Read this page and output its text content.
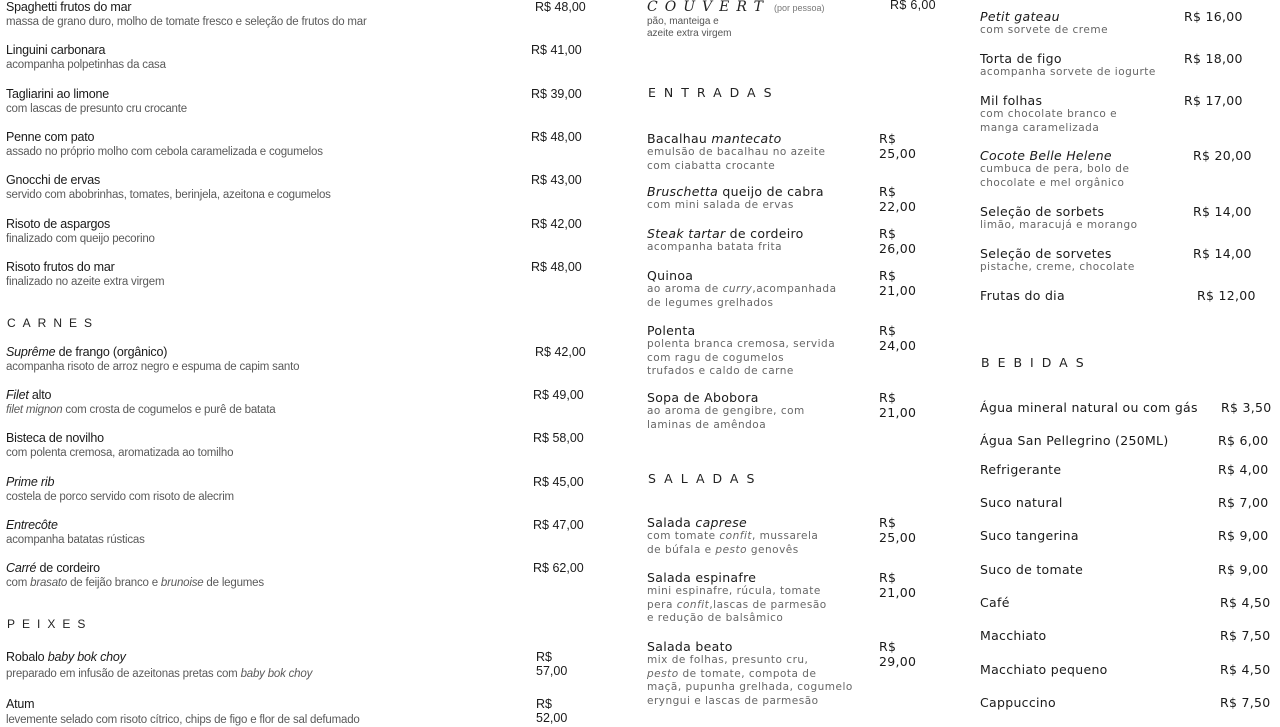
Spaghetti frutos do mar
massa de grano duro, molho de tomate fresco e seleção de frutos do mar
R$ 48,00
Linguini carbonara
acompanha polpetinhas da casa
R$ 41,00
Tagliarini ao limone
com lascas de presunto cru crocante
R$ 39,00
Penne com pato
assado no próprio molho com cebola caramelizada e cogumelos
R$ 48,00
Gnocchi de ervas
servido com abobrinhas, tomates, berinjela, azeitona e cogumelos
R$ 43,00
Risoto de aspargos
finalizado com queijo pecorino
R$ 42,00
Risoto frutos do mar
finalizado no azeite extra virgem
R$ 48,00
CARNES
Suprême de frango (orgânico)
acompanha risoto de arroz negro e espuma de capim santo
R$ 42,00
Filet alto
filet mignon com crosta de cogumelos e purê de batata
R$ 49,00
Bisteca de novilho
com polenta cremosa, aromatizada ao tomilho
R$ 58,00
Prime rib
costela de porco servido com risoto de alecrim
R$ 45,00
Entrecôte
acompanha batatas rústicas
R$ 47,00
Carré de cordeiro
com brasato de feijão branco e brunoise de legumes
R$ 62,00
PEIXES
Robalo baby bok choy
preparado em infusão de azeitonas pretas com baby bok choy
R$ 57,00
Atum
levemente selado com risoto cítrico, chips de figo e flor de sal defumado
R$ 52,00
COUVERT (por pessoa)
pão, manteiga e
azeite extra virgem
R$ 6,00
ENTRADAS
Bacalhau mantecato
emulsão de bacalhau no azeite
com ciabatta crocante
R$ 25,00
Bruschetta queijo de cabra
com mini salada de ervas
R$ 22,00
Steak tartar de cordeiro
acompanha batata frita
R$ 26,00
Quinoa
ao aroma de curry,acompanhada
de legumes grelhados
R$ 21,00
Polenta
polenta branca cremosa, servida
com ragu de cogumelos
trufados e caldo de carne
R$ 24,00
Sopa de Abobora
ao aroma de gengibre, com
laminas de amêndoa
R$ 21,00
SALADAS
Salada caprese
com tomate confit, mussarela
de búfala e pesto genovês
R$ 25,00
Salada espinafre
mini espinafre, rúcula, tomate
pera confit,lascas de parmesão
e redução de balsâmico
R$ 21,00
Salada beato
mix de folhas, presunto cru,
pesto de tomate, compota de
maçã, pupunha grelhada, cogumelo
eryngui e lascas de parmesão
R$ 29,00
Petit gateau
com sorvete de creme
R$ 16,00
Torta de figo
acompanha sorvete de iogurte
R$ 18,00
Mil folhas
com chocolate branco e
manga caramelizada
R$ 17,00
Cocote Belle Helene
cumbuca de pera, bolo de
chocolate e mel orgânico
R$ 20,00
Seleção de sorbets
limão, maracujá e morango
R$ 14,00
Seleção de sorvetes
pistache, creme, chocolate
R$ 14,00
Frutas do dia	R$ 12,00
BEBIDAS
Água mineral natural ou com gás	R$ 3,50
Água San Pellegrino (250ML)	R$ 6,00
Refrigerante	R$ 4,00
Suco natural	R$ 7,00
Suco tangerina	R$ 9,00
Suco de tomate	R$ 9,00
Café	R$ 4,50
Macchiato	R$ 7,50
Macchiato pequeno	R$ 4,50
Cappuccino	R$ 7,50
